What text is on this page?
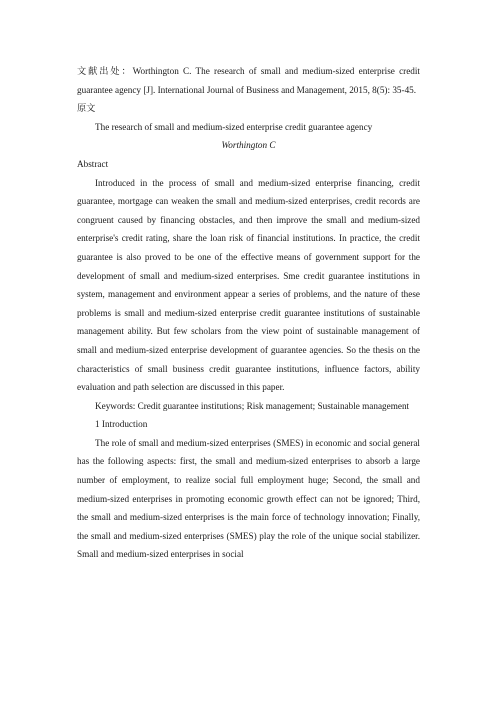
文献出处：Worthington C. The research of small and medium-sized enterprise credit guarantee agency [J]. International Journal of Business and Management, 2015, 8(5): 35-45.

原文

The research of small and medium-sized enterprise credit guarantee agency

Worthington C

Abstract

Introduced in the process of small and medium-sized enterprise financing, credit guarantee, mortgage can weaken the small and medium-sized enterprises, credit records are congruent caused by financing obstacles, and then improve the small and medium-sized enterprise's credit rating, share the loan risk of financial institutions. In practice, the credit guarantee is also proved to be one of the effective means of government support for the development of small and medium-sized enterprises. Sme credit guarantee institutions in system, management and environment appear a series of problems, and the nature of these problems is small and medium-sized enterprise credit guarantee institutions of sustainable management ability. But few scholars from the view point of sustainable management of small and medium-sized enterprise development of guarantee agencies. So the thesis on the characteristics of small business credit guarantee institutions, influence factors, ability evaluation and path selection are discussed in this paper.

Keywords: Credit guarantee institutions; Risk management; Sustainable management

1 Introduction

The role of small and medium-sized enterprises (SMES) in economic and social general has the following aspects: first, the small and medium-sized enterprises to absorb a large number of employment, to realize social full employment huge; Second, the small and medium-sized enterprises in promoting economic growth effect can not be ignored; Third, the small and medium-sized enterprises is the main force of technology innovation; Finally, the small and medium-sized enterprises (SMES) play the role of the unique social stabilizer. Small and medium-sized enterprises in social
